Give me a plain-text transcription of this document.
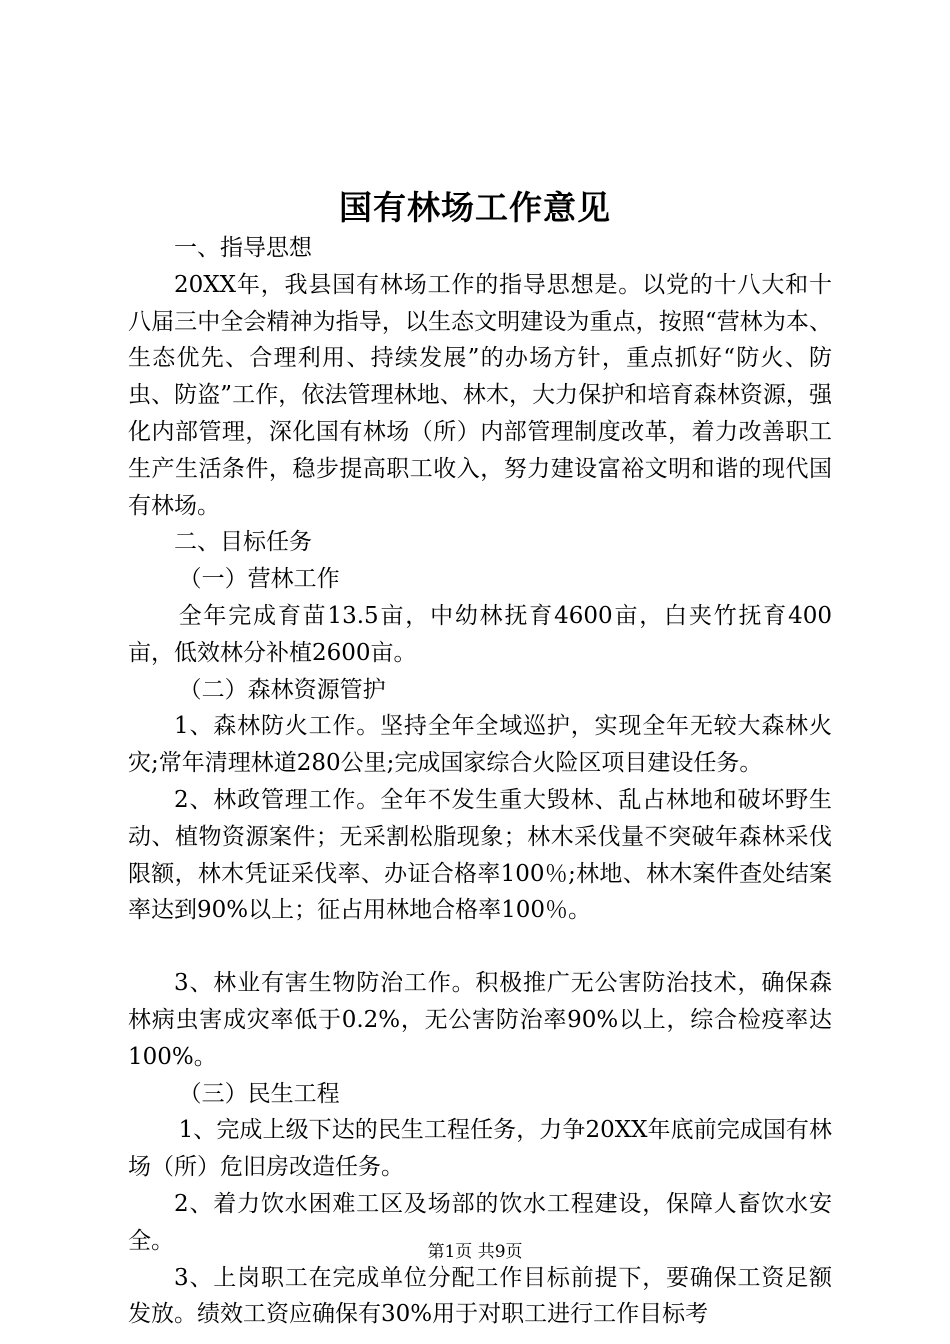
国有林场工作意见

一、指导思想

20XX年，我县国有林场工作的指导思想是。以党的十八大和十八届三中全会精神为指导，以生态文明建设为重点，按照“营林为本、生态优先、合理利用、持续发展”的办场方针，重点抓好“防火、防虫、防盗”工作，依法管理林地、林木，大力保护和培育森林资源，强化内部管理，深化国有林场（所）内部管理制度改革，着力改善职工生产生活条件，稳步提高职工收入，努力建设富裕文明和谐的现代国有林场。

二、目标任务

（一）营林工作

全年完成育苗13.5亩，中幼林抚育4600亩，白夹竹抚育400亩，低效林分补植2600亩。

（二）森林资源管护

1、森林防火工作。坚持全年全域巡护，实现全年无较大森林火灾;常年清理林道280公里;完成国家综合火险区项目建设任务。

2、林政管理工作。全年不发生重大毁林、乱占林地和破坏野生动、植物资源案件；无采割松脂现象；林木采伐量不突破年森林采伐限额，林木凭证采伐率、办证合格率100％;林地、林木案件查处结案率达到90%以上；征占用林地合格率100％。

3、林业有害生物防治工作。积极推广无公害防治技术，确保森林病虫害成灾率低于0.2%，无公害防治率90%以上，综合检疫率达100%。

（三）民生工程

1、完成上级下达的民生工程任务，力争20XX年底前完成国有林场（所）危旧房改造任务。

2、着力饮水困难工区及场部的饮水工程建设，保障人畜饮水安全。

3、上岗职工在完成单位分配工作目标前提下，要确保工资足额发放。绩效工资应确保有30%用于对职工进行工作目标考

第1页 共9页
